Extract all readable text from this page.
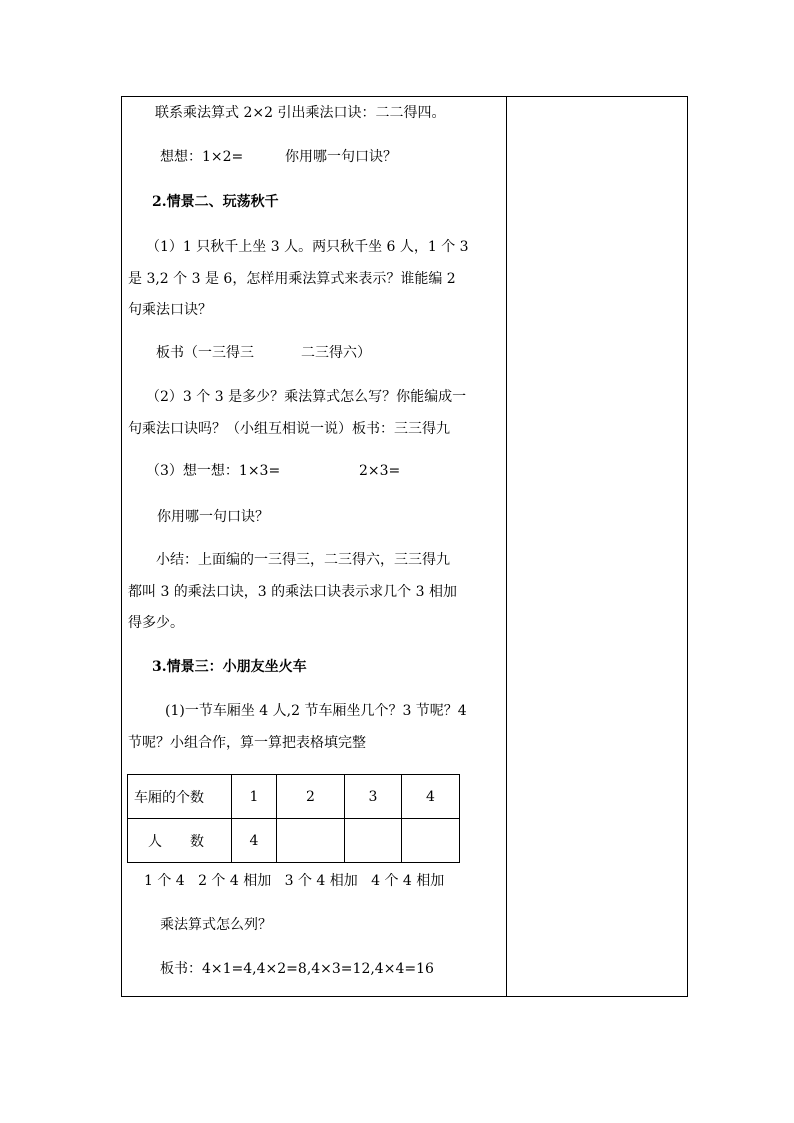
联系乘法算式 2×2 引出乘法口诀：二二得四。
想想：1×2=	你用哪一句口诀？
2.情景二、玩荡秋千
（1）1 只秋千上坐 3 人。两只秋千坐 6 人，1 个 3
是 3,2 个 3 是 6，怎样用乘法算式来表示？谁能编 2
句乘法口诀？
板书（一三得三	二三得六）
（2）3 个 3 是多少？乘法算式怎么写？你能编成一
句乘法口诀吗？（小组互相说一说）板书：三三得九
（3）想一想：1×3=	2×3=
你用哪一句口诀？
小结：上面编的一三得三，二三得六，三三得九
都叫 3 的乘法口诀，3 的乘法口诀表示求几个 3 相加
得多少。
3.情景三：小朋友坐火车
(1)一节车厢坐 4 人,2 节车厢坐几个？3 节呢？4
节呢？小组合作，算一算把表格填完整
车厢的个数	1	2	3	4
人　　数	4			
1 个 4   2 个 4 相加   3 个 4 相加   4 个 4 相加
乘法算式怎么列？
板书：4×1=4,4×2=8,4×3=12,4×4=16
